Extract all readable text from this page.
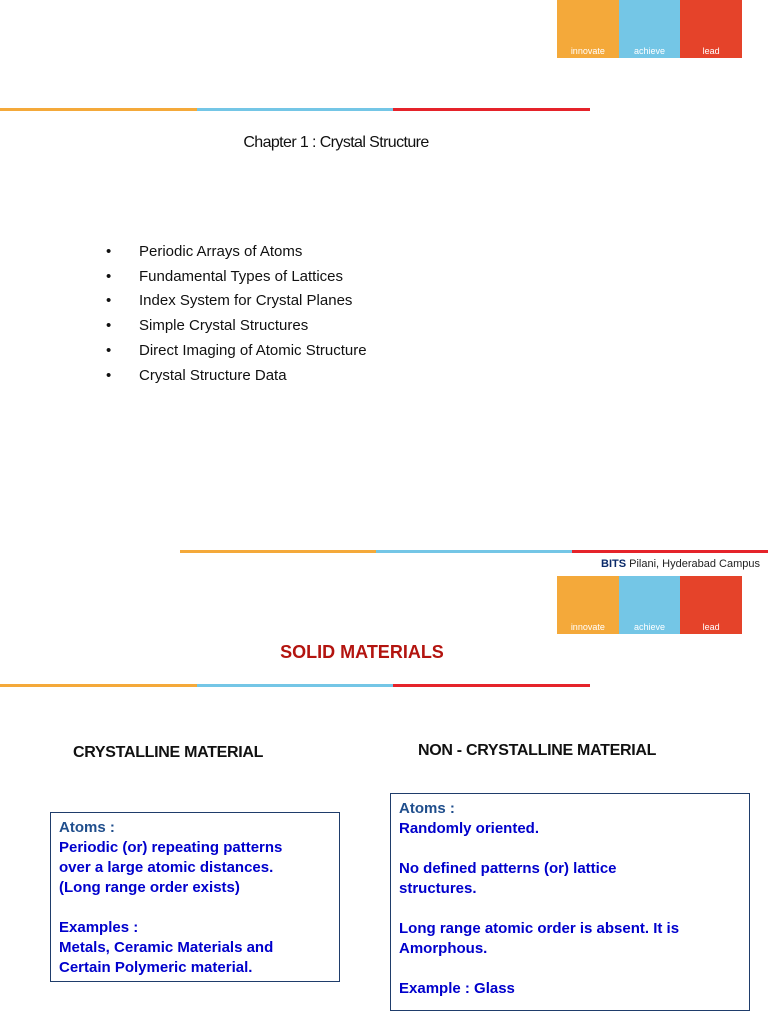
innovate	achieve	lead
Chapter 1 : Crystal Structure
• Periodic Arrays of Atoms
• Fundamental Types of Lattices
• Index System for Crystal Planes
• Simple Crystal Structures
• Direct Imaging of Atomic Structure
• Crystal Structure Data
BITS Pilani, Hyderabad Campus
innovate	achieve	lead
SOLID MATERIALS
CRYSTALLINE MATERIAL	NON - CRYSTALLINE MATERIAL

Atoms :

Periodic (or) repeating patterns

over a large atomic distances.

(Long range order exists)

Examples :

Metals, Ceramic Materials and

Certain Polymeric material.

Atoms :

Randomly oriented.

No defined patterns (or) lattice

structures.

Long range atomic order is absent. It is

Amorphous.

Example : Glass
